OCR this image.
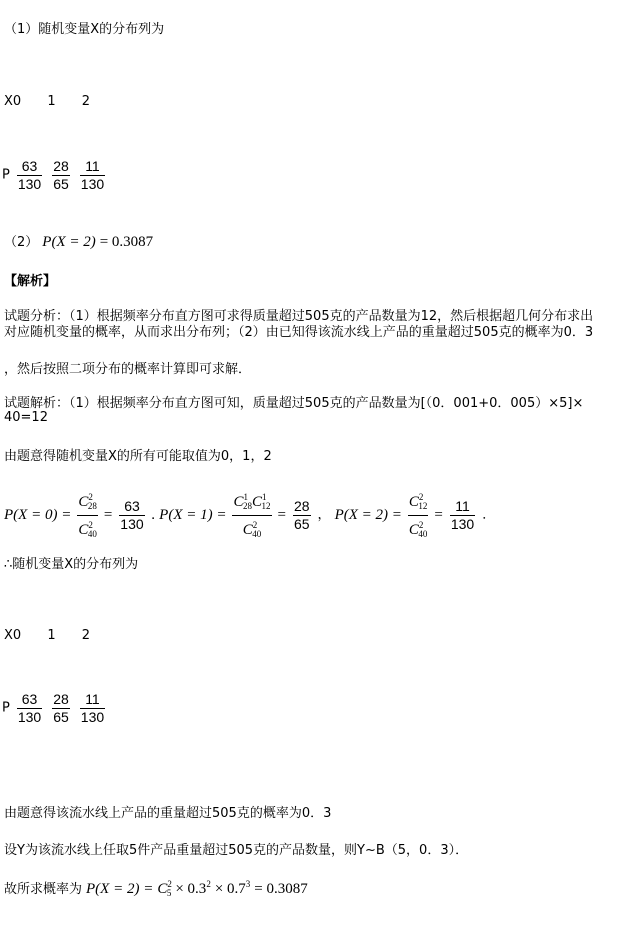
（1）随机变量X的分布列为
X0 1 2
P $\frac{63}{130}$
$\frac{28}{65}$
$\frac{11}{130}$
（2） P(X = 2) = 0.3087
【解析】
试题分析：（1）根据频率分布直方图可求得质量超过505克的产品数量为12，然后根据超几何分布求出
对应随机变量的概率，从而求出分布列；（2）由已知得该流水线上产品的重量超过505克的概率为0．3
，然后按照二项分布的概率计算即可求解．
试题解析：（1）根据频率分布直方图可知，质量超过505克的产品数量为[（0．001+0．005）×5]×
40=12
由题意得随机变量X的所有可能取值为0，1，2
$P(X = 0) = \frac{C^2_{28}}{C^2_{40}} = \frac{63}{130}$ . $P(X = 1) = \frac{C^1_{28}C^1_{12}}{C^2_{40}} = \frac{28}{65}$ ， $P(X = 2) = \frac{C^2_{12}}{C^2_{40}} = \frac{11}{130}$ ．
∴随机变量X的分布列为
X0 1 2
P $\frac{63}{130}$
$\frac{28}{65}$
$\frac{11}{130}$
由题意得该流水线上产品的重量超过505克的概率为0．3
设Y为该流水线上任取5件产品重量超过505克的产品数量，则Y~B（5，0．3）．
故所求概率为 $P(X = 2) = C^2_5 \times 0.3^2 \times 0.7^3 = 0.3087$
